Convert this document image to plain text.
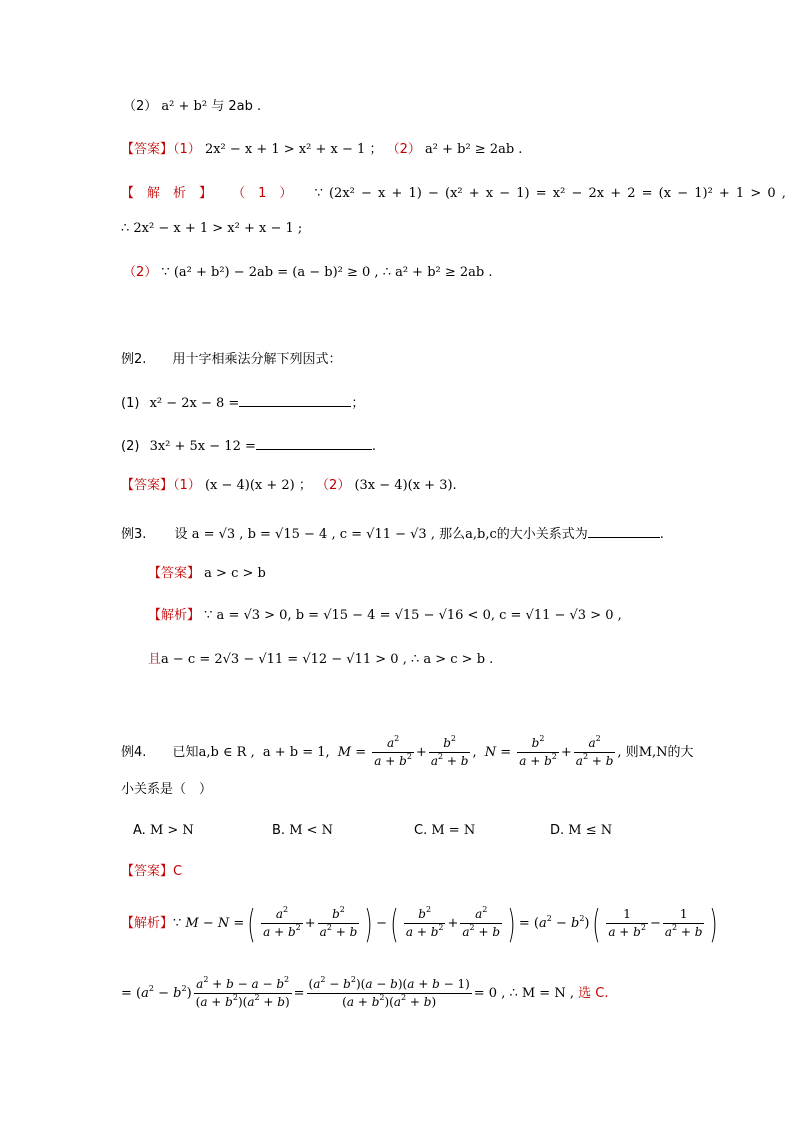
（2） a² + b² 与 2ab .
【答案】（1） 2x² − x + 1 > x² + x − 1 ； （2） a² + b² ≥ 2ab .
【　解　析　】 （　1　） ∵ (2x² − x + 1) − (x² + x − 1) = x² − 2x + 2 = (x − 1)² + 1 > 0 ,
∴ 2x² − x + 1 > x² + x − 1 ;
（2） ∵ (a² + b²) − 2ab = (a − b)² ≥ 0 , ∴ a² + b² ≥ 2ab .
例2. 用十字相乘法分解下列因式：
(1) x² − 2x − 8 =	；
(2) 3x² + 5x − 12 =	.
【答案】（1） (x − 4)(x + 2) ； （2） (3x − 4)(x + 3).
例3. 设 a = √3 , b = √15 − 4 , c = √11 − √3 , 那么a,b,c的大小关系式为	.
【答案】 a > c > b
【解析】 ∵ a = √3 > 0, b = √15 − 4 = √15 − √16 < 0, c = √11 − √3 > 0 ,
且a − c = 2√3 − √11 = √12 − √11 > 0 , ∴ a > c > b .
例4. 已知a,b ∈ R , a + b = 1, $M = \frac{a^2}{a + b^2} + \frac{b^2}{a^2 + b}$ , $N = \frac{b^2}{a + b^2} + \frac{a^2}{a^2 + b}$ , 则M,N的大
小关系是（　）
A. M > N	B. M < N	C. M = N	D. M ≤ N
【答案】C
【解析】∵ M − N =( $\frac{a^2}{a + b^2} + \frac{b^2}{a^2 + b}$ ) −( $\frac{b^2}{a + b^2} + \frac{a^2}{a^2 + b}$ ) = $(a^2 - b^2)( \frac{1}{a + b^2} - \frac{1}{a^2 + b}$ )
= $(a^2 - b^2) \frac{a^2 + b - a - b^2}{(a + b^2)(a^2 + b)} = \frac{(a^2 - b^2)(a - b)(a + b - 1)}{(a + b^2)(a^2 + b)} = 0$ , ∴ M = N , 选 C.
